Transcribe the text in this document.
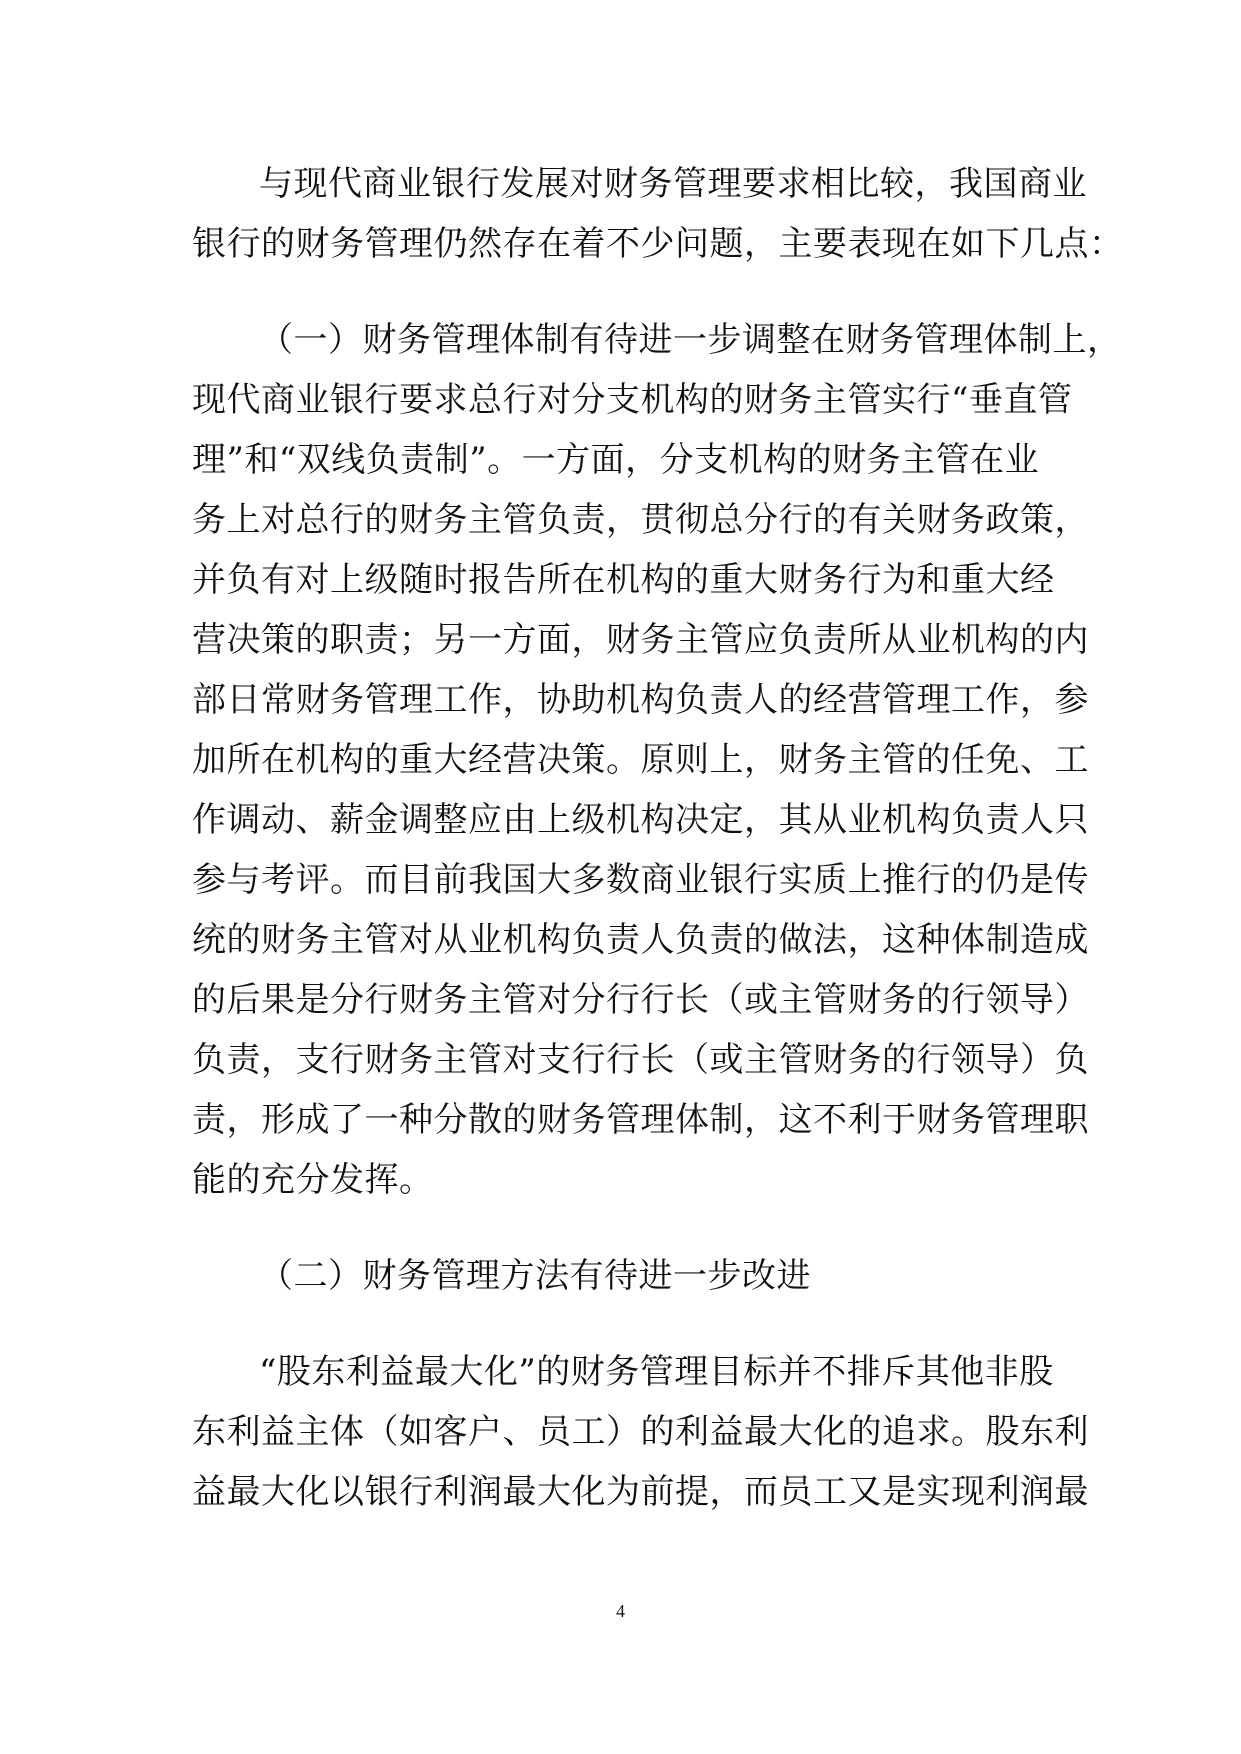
与现代商业银行发展对财务管理要求相比较，我国商业
银行的财务管理仍然存在着不少问题，主要表现在如下几点：
（一）财务管理体制有待进一步调整在财务管理体制上，
现代商业银行要求总行对分支机构的财务主管实行“垂直管
理”和“双线负责制”。一方面，分支机构的财务主管在业
务上对总行的财务主管负责，贯彻总分行的有关财务政策，
并负有对上级随时报告所在机构的重大财务行为和重大经
营决策的职责；另一方面，财务主管应负责所从业机构的内
部日常财务管理工作，协助机构负责人的经营管理工作，参
加所在机构的重大经营决策。原则上，财务主管的任免、工
作调动、薪金调整应由上级机构决定，其从业机构负责人只
参与考评。而目前我国大多数商业银行实质上推行的仍是传
统的财务主管对从业机构负责人负责的做法，这种体制造成
的后果是分行财务主管对分行行长（或主管财务的行领导）
负责，支行财务主管对支行行长（或主管财务的行领导）负
责，形成了一种分散的财务管理体制，这不利于财务管理职
能的充分发挥。
（二）财务管理方法有待进一步改进
“股东利益最大化”的财务管理目标并不排斥其他非股
东利益主体（如客户、员工）的利益最大化的追求。股东利
益最大化以银行利润最大化为前提，而员工又是实现利润最
4
